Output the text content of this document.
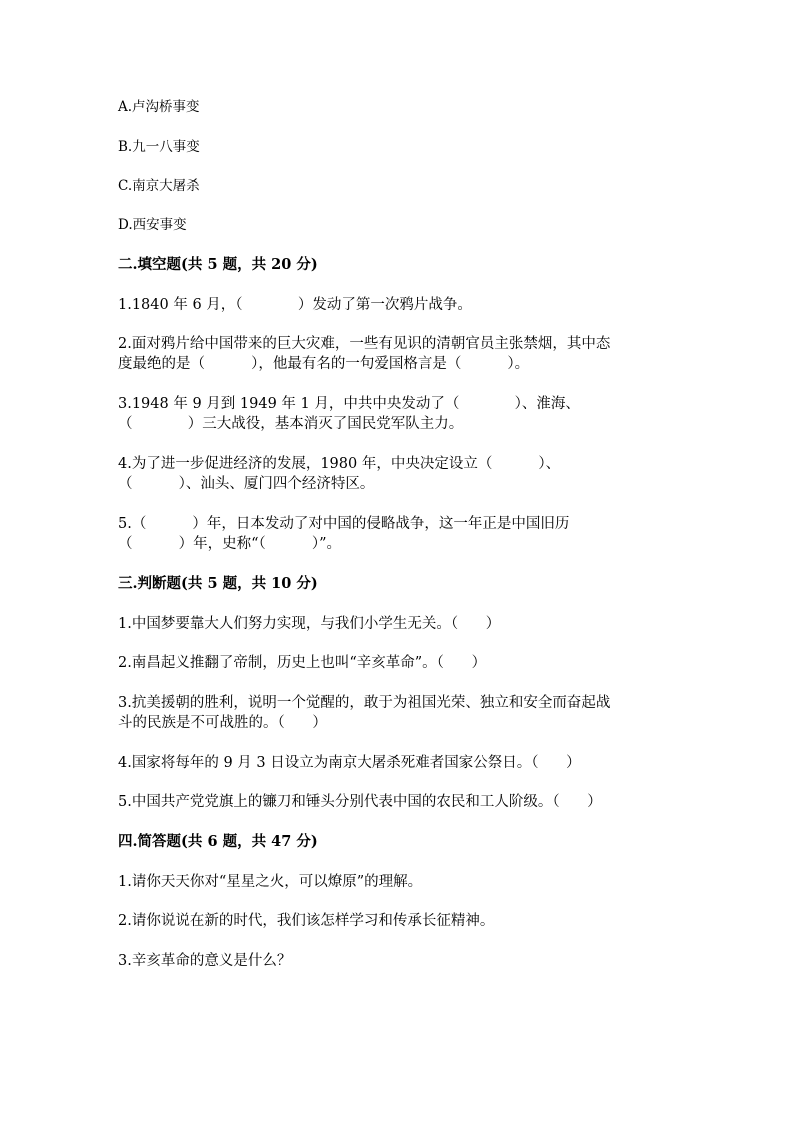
A.卢沟桥事变

B.九一八事变

C.南京大屠杀

D.西安事变

二.填空题(共 5 题，共 20 分)

1.1840 年 6 月，（            ）发动了第一次鸦片战争。

2.面对鸦片给中国带来的巨大灾难，一些有见识的清朝官员主张禁烟，其中态

度最绝的是（          ），他最有名的一句爱国格言是（          ）。

3.1948 年 9 月到 1949 年 1 月，中共中央发动了（            ）、淮海、

（            ）三大战役，基本消灭了国民党军队主力。

4.为了进一步促进经济的发展，1980 年，中央决定设立（          ）、

（          ）、汕头、厦门四个经济特区。

5.（          ）年，日本发动了对中国的侵略战争，这一年正是中国旧历

（          ）年，史称“（          ）”。

三.判断题(共 5 题，共 10 分)

1.中国梦要靠大人们努力实现，与我们小学生无关。（      ）

2.南昌起义推翻了帝制，历史上也叫“辛亥革命”。（      ）

3.抗美援朝的胜利，说明一个觉醒的，敢于为祖国光荣、独立和安全而奋起战

斗的民族是不可战胜的。（      ）

4.国家将每年的 9 月 3 日设立为南京大屠杀死难者国家公祭日。（      ）

5.中国共产党党旗上的镰刀和锤头分别代表中国的农民和工人阶级。（      ）

四.简答题(共 6 题，共 47 分)

1.请你天天你对“星星之火，可以燎原”的理解。

2.请你说说在新的时代，我们该怎样学习和传承长征精神。

3.辛亥革命的意义是什么？
